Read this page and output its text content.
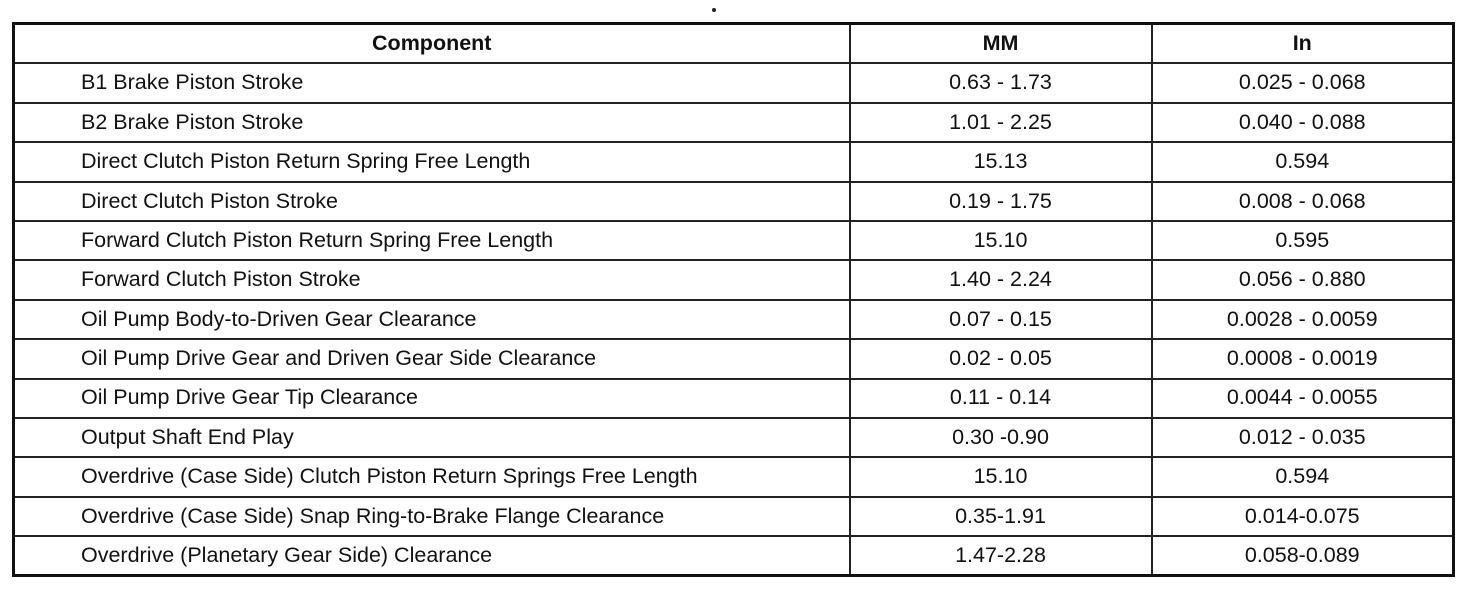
Component	MM	In
B1 Brake Piston Stroke	0.63 - 1.73	0.025 - 0.068
B2 Brake Piston Stroke	1.01 - 2.25	0.040 - 0.088
Direct Clutch Piston Return Spring Free Length	15.13	0.594
Direct Clutch Piston Stroke	0.19 - 1.75	0.008 - 0.068
Forward Clutch Piston Return Spring Free Length	15.10	0.595
Forward Clutch Piston Stroke	1.40 - 2.24	0.056 - 0.880
Oil Pump Body-to-Driven Gear Clearance	0.07 - 0.15	0.0028 - 0.0059
Oil Pump Drive Gear and Driven Gear Side Clearance	0.02 - 0.05	0.0008 - 0.0019
Oil Pump Drive Gear Tip Clearance	0.11 - 0.14	0.0044 - 0.0055
Output Shaft End Play	0.30 -0.90	0.012 - 0.035
Overdrive (Case Side) Clutch Piston Return Springs Free Length	15.10	0.594
Overdrive (Case Side) Snap Ring-to-Brake Flange Clearance	0.35-1.91	0.014-0.075
Overdrive (Planetary Gear Side) Clearance	1.47-2.28	0.058-0.089
